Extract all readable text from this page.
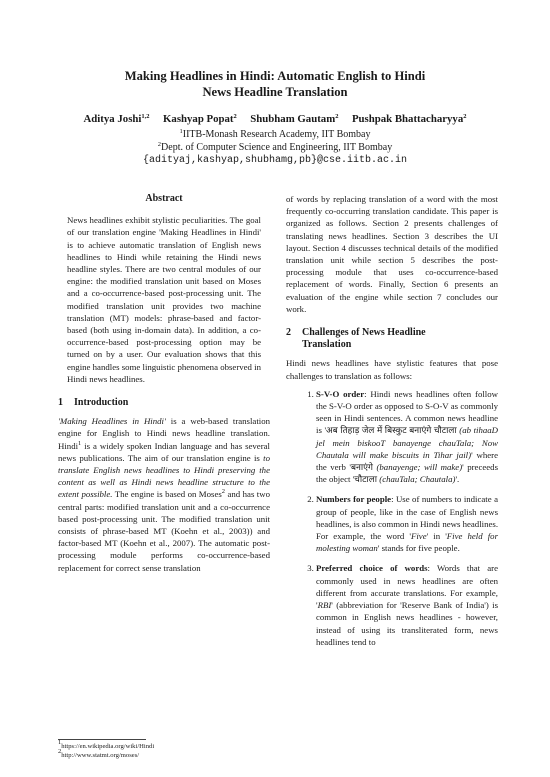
Making Headlines in Hindi: Automatic English to Hindi
News Headline Translation
Aditya Joshi$^{1,2}$ Kashyap Popat$^2$ Shubham Gautam$^2$ Pushpak Bhattacharyya$^2$
$^1$IITB-Monash Research Academy, IIT Bombay
$^2$Dept. of Computer Science and Engineering, IIT Bombay
{adityaj,kashyap,shubhamg,pb}@cse.iitb.ac.in
Abstract

News headlines exhibit stylistic peculiarities. The goal of our translation engine 'Making Headlines in Hindi' is to achieve automatic translation of English news headlines to Hindi while retaining the Hindi news headline styles. There are two central modules of our engine: the modified translation unit based on Moses and a co-occurrence-based post-processing unit. The modified translation unit provides two machine translation (MT) models: phrase-based and factor-based (both using in-domain data). In addition, a co-occurrence-based post-processing option may be turned on by a user. Our evaluation shows that this engine handles some linguistic phenomena observed in Hindi news headlines.

1 Introduction

'Making Headlines in Hindi' is a web-based translation engine for English to Hindi news headline translation. Hindi$^1$ is a widely spoken Indian language and has several news publications. The aim of our translation engine is to translate English news headlines to Hindi preserving the content as well as Hindi news headline structure to the extent possible. The engine is based on Moses$^2$ and has two central parts: modified translation unit and a co-occurrence based post-processing unit. The modified translation unit consists of phrase-based MT (Koehn et al., 2003)) and factor-based MT (Koehn et al., 2007). The automatic post-processing module performs co-occurrence-based replacement for correct sense translation

$^1$https://en.wikipedia.org/wiki/Hindi
$^2$http://www.statmt.org/moses/

of words by replacing translation of a word with the most frequently co-occurring translation candidate. This paper is organized as follows. Section 2 presents challenges of translating news headlines. Section 3 describes the UI layout. Section 4 discusses technical details of the modified translation unit while section 5 describes the post-processing module that uses co-occurrence-based replacement of words. Finally, Section 6 presents an evaluation of the engine while section 7 concludes our work.

2 Challenges of News Headline
Translation

Hindi news headlines have stylistic features that pose challenges to translation as follows:

1. S-V-O order: Hindi news headlines often follow the S-V-O order as opposed to S-O-V as commonly seen in Hindi sentences. A common news headline is 'अब तिहाड़ जेल में बिस्कुट बनाएंगे चौटाला (ab tihaaD jel mein biskooT banayenge chauTala; Now Chautala will make biscuits in Tihar jail)' where the verb 'बनाएंगे (banayenge; will make)' preceeds the object 'चौटाला (chauTala; Chautala)'.
2. Numbers for people: Use of numbers to indicate a group of people, like in the case of English news headlines, is also common in Hindi news headlines. For example, the word 'Five' in 'Five held for molesting woman' stands for five people.
3. Preferred choice of words: Words that are commonly used in news headlines are often different from accurate translations. For example, 'RBI' (abbreviation for 'Reserve Bank of India') is common in English news headlines - however, instead of using its transliterated form, news headlines tend to
